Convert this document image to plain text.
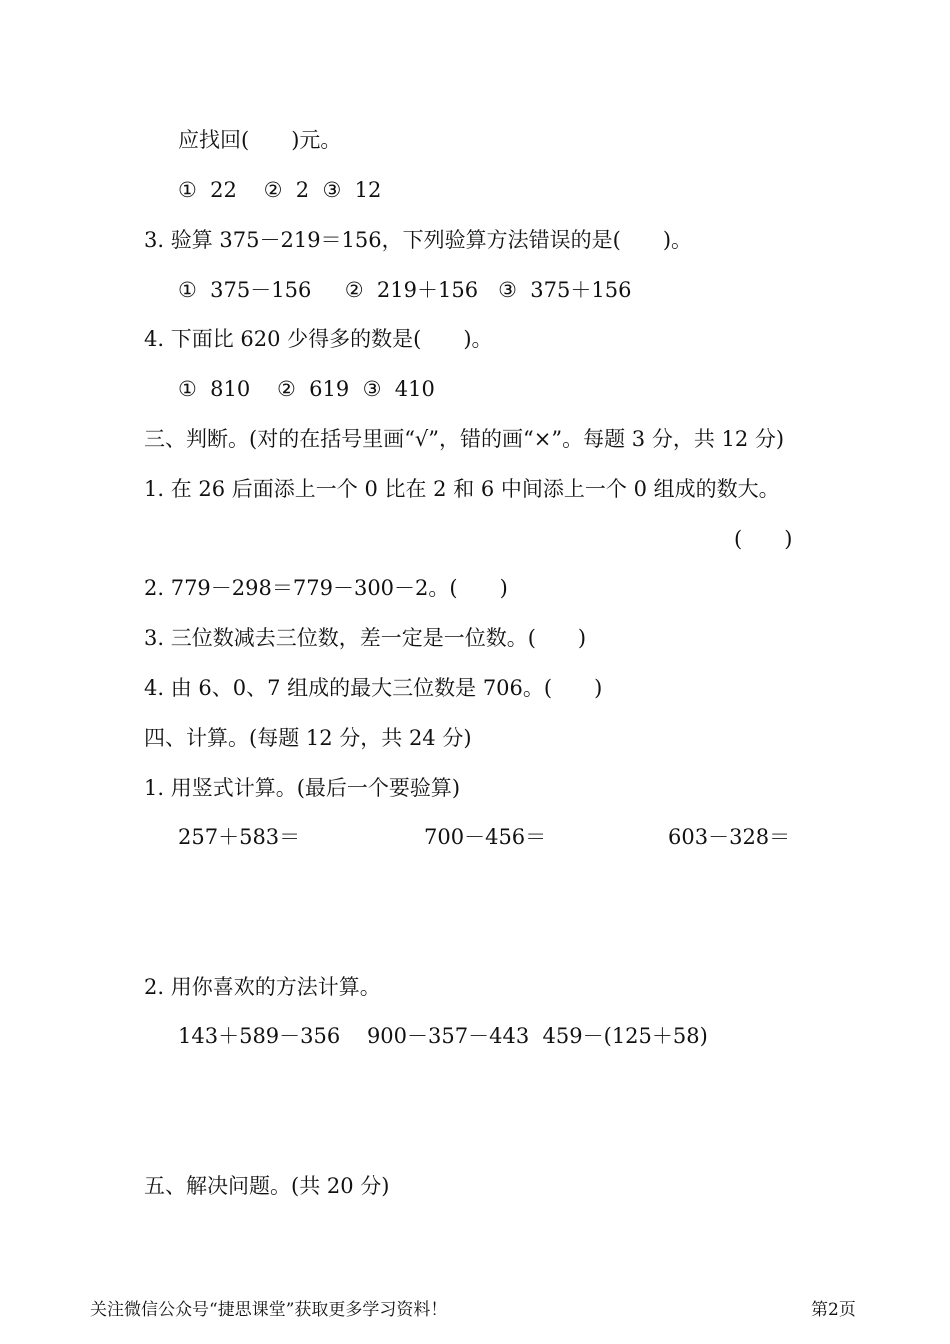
应找回(　　)元。
①  22    ②  2  ③  12
3. 验算 375－219＝156，下列验算方法错误的是(　　)。
①  375－156     ②  219＋156   ③  375＋156
4. 下面比 620 少得多的数是(　　)。
①  810    ②  619  ③  410
三、判断。(对的在括号里画“√”，错的画“×”。每题 3 分，共 12 分)
1. 在 26 后面添上一个 0 比在 2 和 6 中间添上一个 0 组成的数大。
(　　)
2. 779－298＝779－300－2。(　　)
3. 三位数减去三位数，差一定是一位数。(　　)
4. 由 6、0、7 组成的最大三位数是 706。(　　)
四、计算。(每题 12 分，共 24 分)
1. 用竖式计算。(最后一个要验算)
257＋583＝	700－456＝	603－328＝
2. 用你喜欢的方法计算。
143＋589－356    900－357－443  459－(125＋58)
五、解决问题。(共 20 分)
关注微信公众号“捷思课堂”获取更多学习资料！	第2页
